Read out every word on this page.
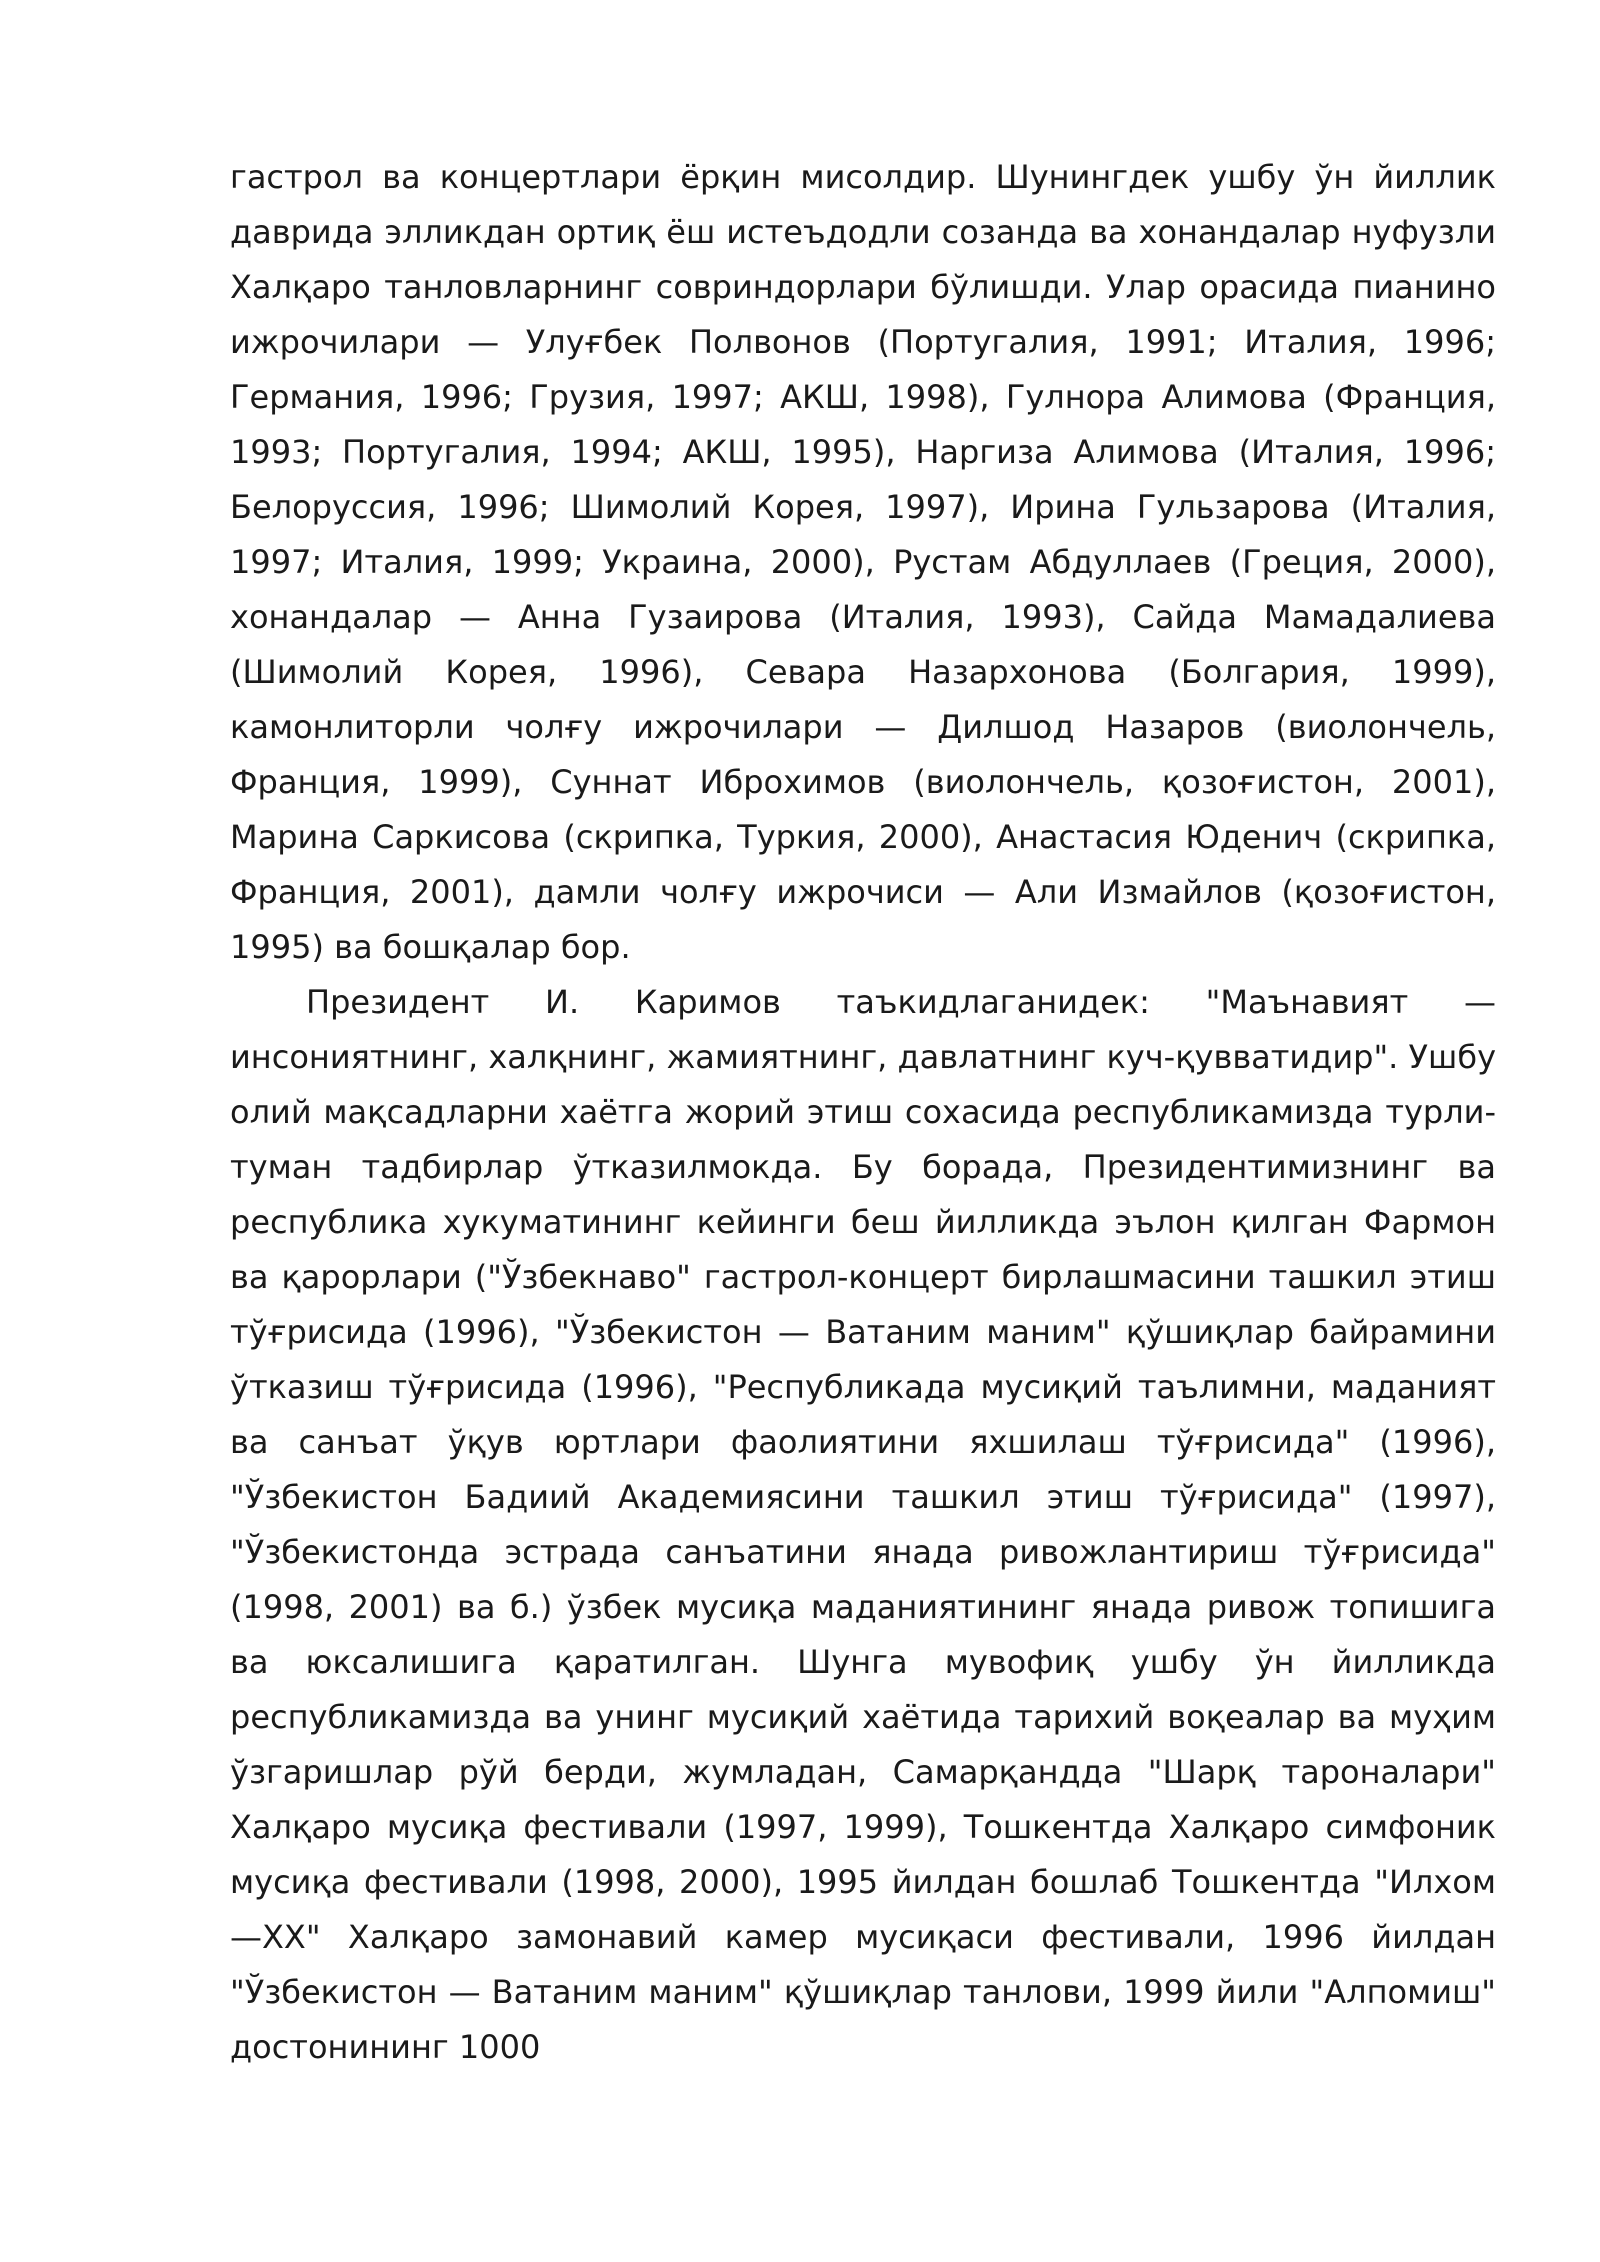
гастрол ва концертлари ёрқин мисолдир. Шунингдек ушбу ўн йиллик даврида элликдан ортиқ ёш истеъдодли созанда ва хонандалар нуфузли Халқаро танловларнинг совриндорлари бўлишди. Улар орасида пианино ижрочилари — Улуғбек Полвонов (Португалия, 1991; Италия, 1996; Германия, 1996; Грузия, 1997; АКШ, 1998), Гулнора Алимова (Франция, 1993; Португалия, 1994; АКШ, 1995), Наргиза Алимова (Италия, 1996; Белоруссия, 1996; Шимолий Корея, 1997), Ирина Гульзарова (Италия, 1997; Италия, 1999; Украина, 2000), Рустам Абдуллаев (Греция, 2000), хонандалар — Анна Гузаирова (Италия, 1993), Сайда Мамадалиева (Шимолий Корея, 1996), Севара Назархонова (Болгария, 1999), камонлиторли чолғу ижрочилари — Дилшод Назаров (виолончель, Франция, 1999), Суннат Иброхимов (виолончель, қозоғистон, 2001), Марина Саркисова (скрипка, Туркия, 2000), Анастасия Юденич (скрипка, Франция, 2001), дамли чолғу ижрочиси — Али Измайлов (қозоғистон, 1995) ва бошқалар бор.

Президент И. Каримов таъкидлаганидек: "Маънавият — инсониятнинг, халқнинг, жамиятнинг, давлатнинг куч-қувватидир". Ушбу олий мақсадларни хаётга жорий этиш сохасида республикамизда турли-туман тадбирлар ўтказилмокда. Бу борада, Президентимизнинг ва республика хукуматининг кейинги беш йилликда эълон қилган Фармон ва қарорлари ("Ўзбекнаво" гастрол-концерт бирлашмасини ташкил этиш тўғрисида (1996), "Ўзбекистон — Ватаним маним" қўшиқлар байрамини ўтказиш тўғрисида (1996), "Республикада мусиқий таълимни, маданият ва санъат ўқув юртлари фаолиятини яхшилаш тўғрисида" (1996), "Ўзбекистон Бадиий Академиясини ташкил этиш тўғрисида" (1997), "Ўзбекистонда эстрада санъатини янада ривожлантириш тўғрисида" (1998, 2001) ва б.) ўзбек мусиқа маданиятининг янада ривож топишига ва юксалишига қаратилган. Шунга мувофиқ ушбу ўн йилликда республикамизда ва унинг мусиқий хаётида тарихий воқеалар ва муҳим ўзгаришлар рўй берди, жумладан, Самарқандда "Шарқ тароналари" Халқаро мусиқа фестивали (1997, 1999), Тошкентда Халқаро симфоник мусиқа фестивали (1998, 2000), 1995 йилдан бошлаб Тошкентда "Илхом —XX" Халқаро замонавий камер мусиқаси фестивали, 1996 йилдан "Ўзбекистон — Ватаним маним" қўшиқлар танлови, 1999 йили "Алпомиш" достонининг 1000
